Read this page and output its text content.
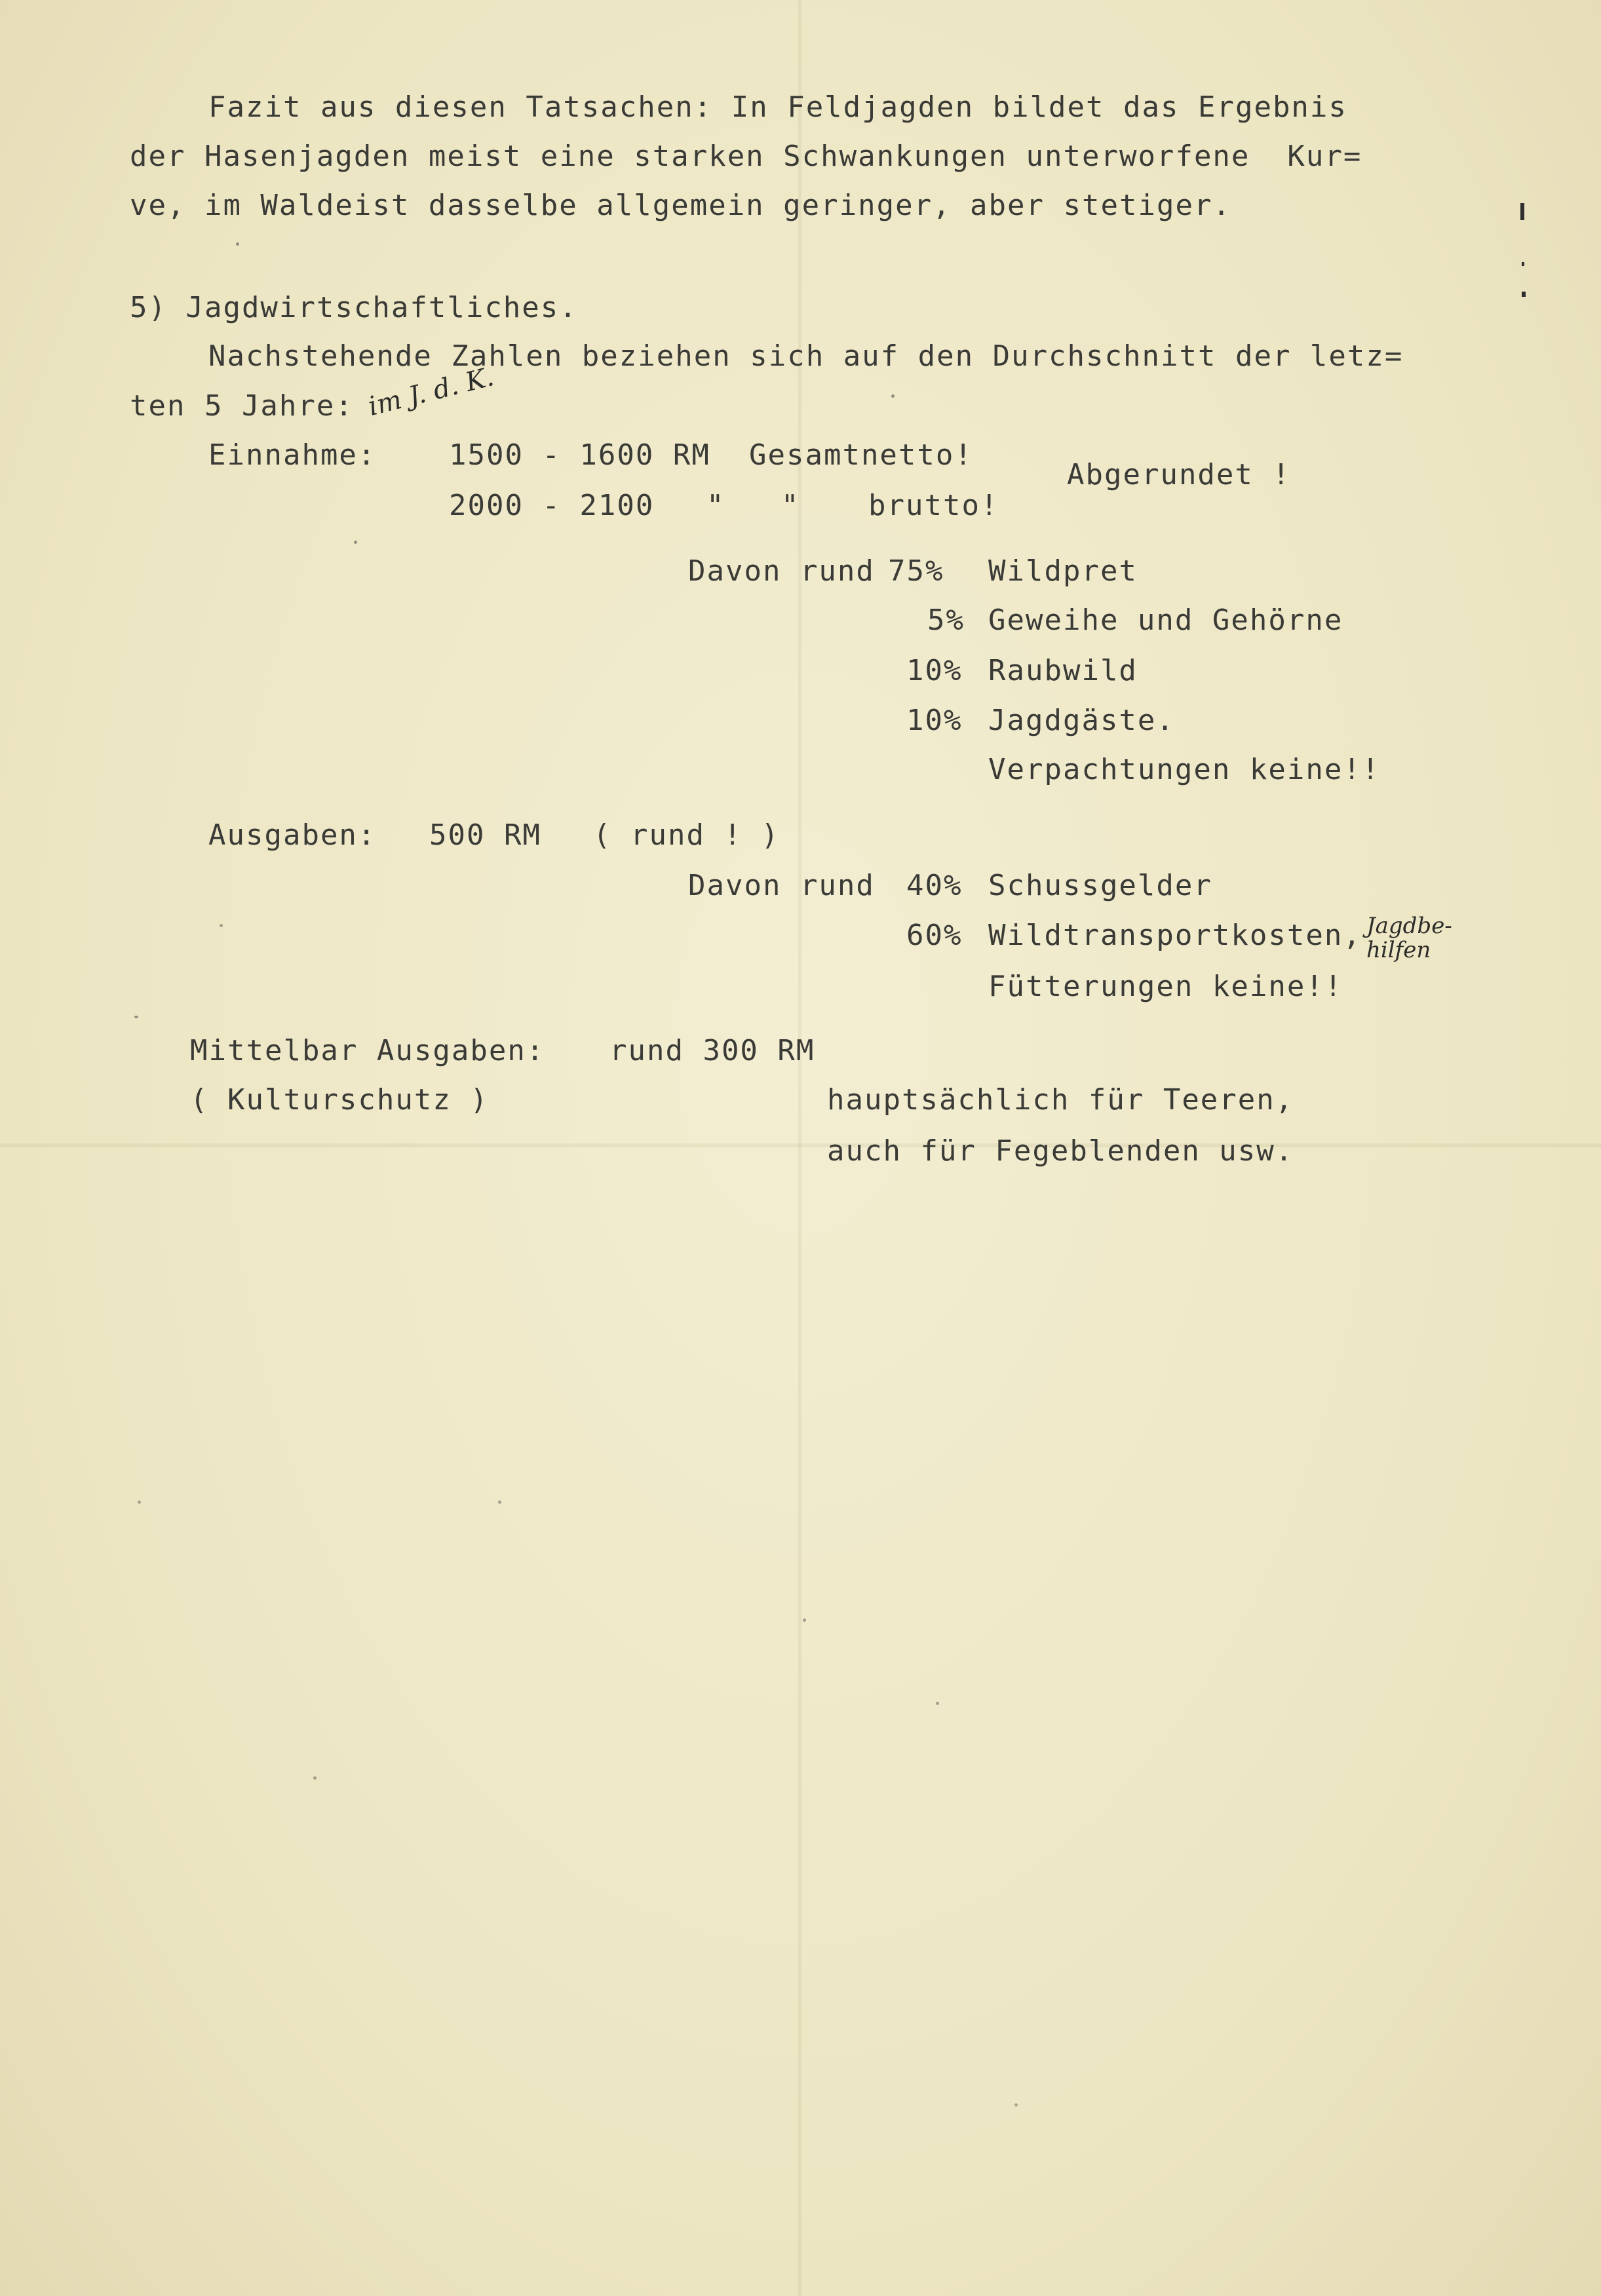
Fazit aus diesen Tatsachen: In Feldjagden bildet das Ergebnis
der Hasenjagden meist eine starken Schwankungen unterworfene  Kur=
ve, im Waldeist dasselbe allgemein geringer, aber stetiger.
5) Jagdwirtschaftliches.
Nachstehende Zahlen beziehen sich auf den Durchschnitt der letz=
ten 5 Jahre: im J. d. K.
Einnahme:	1500 - 1600 RM Gesamtnetto!
Abgerundet !
2000 - 2100 "   " brutto!
Davon rund 75% Wildpret
5% Geweihe und Gehörne
10% Raubwild
10% Jagdgäste.
Verpachtungen keine!!
Ausgaben: 500 RM ( rund ! )
Davon rund 40% Schussgelder
60% Wildtransportkosten, Jagdbe- hilfen
Fütterungen keine!!
Mittelbar Ausgaben: rund 300 RM
( Kulturschutz )	hauptsächlich für Teeren,
auch für Fegeblenden usw.
